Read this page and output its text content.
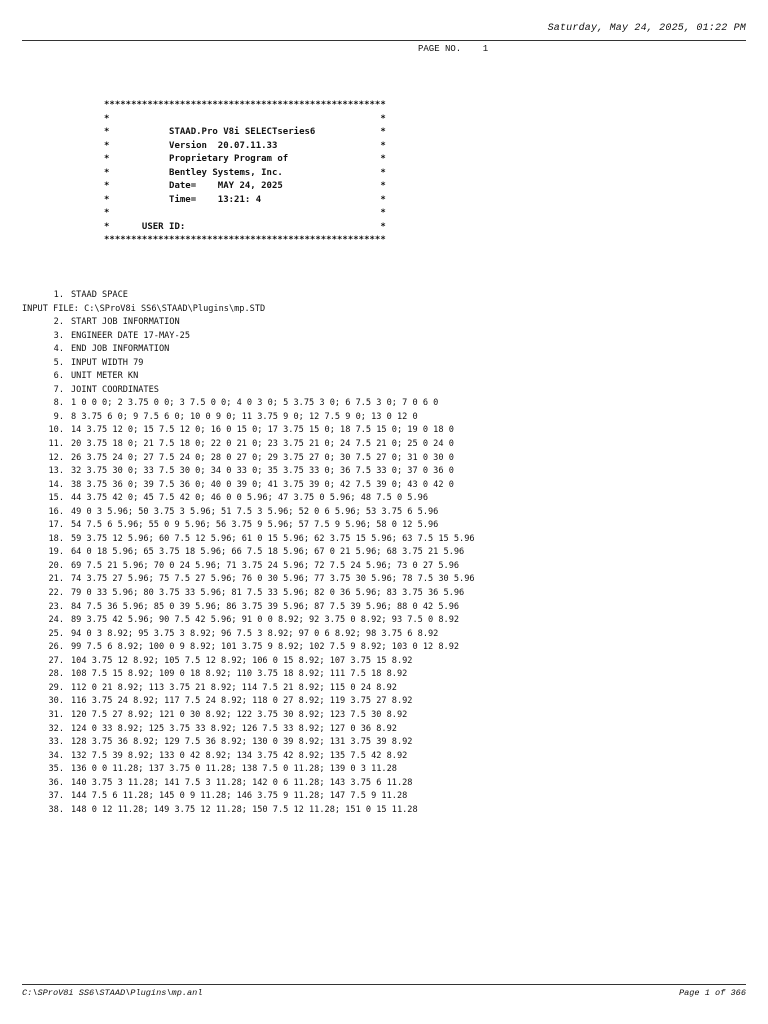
Saturday, May 24, 2025, 01:22 PM
PAGE NO.    1
****************************************************
*                                                  *
*           STAAD.Pro V8i SELECTseries6            *
*           Version  20.07.11.33                   *
*           Proprietary Program of                 *
*           Bentley Systems, Inc.                  *
*           Date=    MAY 24, 2025                  *
*           Time=    13:21: 4                      *
*                                                  *
*      USER ID:                                    *
****************************************************
1. STAAD SPACE
INPUT FILE: C:\SProV8i SS6\STAAD\Plugins\mp.STD
2. START JOB INFORMATION
3. ENGINEER DATE 17-MAY-25
4. END JOB INFORMATION
5. INPUT WIDTH 79
6. UNIT METER KN
7. JOINT COORDINATES
8. 1 0 0 0; 2 3.75 0 0; 3 7.5 0 0; 4 0 3 0; 5 3.75 3 0; 6 7.5 3 0; 7 0 6 0
9. 8 3.75 6 0; 9 7.5 6 0; 10 0 9 0; 11 3.75 9 0; 12 7.5 9 0; 13 0 12 0
10. 14 3.75 12 0; 15 7.5 12 0; 16 0 15 0; 17 3.75 15 0; 18 7.5 15 0; 19 0 18 0
11. 20 3.75 18 0; 21 7.5 18 0; 22 0 21 0; 23 3.75 21 0; 24 7.5 21 0; 25 0 24 0
12. 26 3.75 24 0; 27 7.5 24 0; 28 0 27 0; 29 3.75 27 0; 30 7.5 27 0; 31 0 30 0
13. 32 3.75 30 0; 33 7.5 30 0; 34 0 33 0; 35 3.75 33 0; 36 7.5 33 0; 37 0 36 0
14. 38 3.75 36 0; 39 7.5 36 0; 40 0 39 0; 41 3.75 39 0; 42 7.5 39 0; 43 0 42 0
15. 44 3.75 42 0; 45 7.5 42 0; 46 0 0 5.96; 47 3.75 0 5.96; 48 7.5 0 5.96
16. 49 0 3 5.96; 50 3.75 3 5.96; 51 7.5 3 5.96; 52 0 6 5.96; 53 3.75 6 5.96
17. 54 7.5 6 5.96; 55 0 9 5.96; 56 3.75 9 5.96; 57 7.5 9 5.96; 58 0 12 5.96
18. 59 3.75 12 5.96; 60 7.5 12 5.96; 61 0 15 5.96; 62 3.75 15 5.96; 63 7.5 15 5.96
19. 64 0 18 5.96; 65 3.75 18 5.96; 66 7.5 18 5.96; 67 0 21 5.96; 68 3.75 21 5.96
20. 69 7.5 21 5.96; 70 0 24 5.96; 71 3.75 24 5.96; 72 7.5 24 5.96; 73 0 27 5.96
21. 74 3.75 27 5.96; 75 7.5 27 5.96; 76 0 30 5.96; 77 3.75 30 5.96; 78 7.5 30 5.96
22. 79 0 33 5.96; 80 3.75 33 5.96; 81 7.5 33 5.96; 82 0 36 5.96; 83 3.75 36 5.96
23. 84 7.5 36 5.96; 85 0 39 5.96; 86 3.75 39 5.96; 87 7.5 39 5.96; 88 0 42 5.96
24. 89 3.75 42 5.96; 90 7.5 42 5.96; 91 0 0 8.92; 92 3.75 0 8.92; 93 7.5 0 8.92
25. 94 0 3 8.92; 95 3.75 3 8.92; 96 7.5 3 8.92; 97 0 6 8.92; 98 3.75 6 8.92
26. 99 7.5 6 8.92; 100 0 9 8.92; 101 3.75 9 8.92; 102 7.5 9 8.92; 103 0 12 8.92
27. 104 3.75 12 8.92; 105 7.5 12 8.92; 106 0 15 8.92; 107 3.75 15 8.92
28. 108 7.5 15 8.92; 109 0 18 8.92; 110 3.75 18 8.92; 111 7.5 18 8.92
29. 112 0 21 8.92; 113 3.75 21 8.92; 114 7.5 21 8.92; 115 0 24 8.92
30. 116 3.75 24 8.92; 117 7.5 24 8.92; 118 0 27 8.92; 119 3.75 27 8.92
31. 120 7.5 27 8.92; 121 0 30 8.92; 122 3.75 30 8.92; 123 7.5 30 8.92
32. 124 0 33 8.92; 125 3.75 33 8.92; 126 7.5 33 8.92; 127 0 36 8.92
33. 128 3.75 36 8.92; 129 7.5 36 8.92; 130 0 39 8.92; 131 3.75 39 8.92
34. 132 7.5 39 8.92; 133 0 42 8.92; 134 3.75 42 8.92; 135 7.5 42 8.92
35. 136 0 0 11.28; 137 3.75 0 11.28; 138 7.5 0 11.28; 139 0 3 11.28
36. 140 3.75 3 11.28; 141 7.5 3 11.28; 142 0 6 11.28; 143 3.75 6 11.28
37. 144 7.5 6 11.28; 145 0 9 11.28; 146 3.75 9 11.28; 147 7.5 9 11.28
38. 148 0 12 11.28; 149 3.75 12 11.28; 150 7.5 12 11.28; 151 0 15 11.28
C:\SProV8i SS6\STAAD\Plugins\mp.anl	Page 1 of 366
